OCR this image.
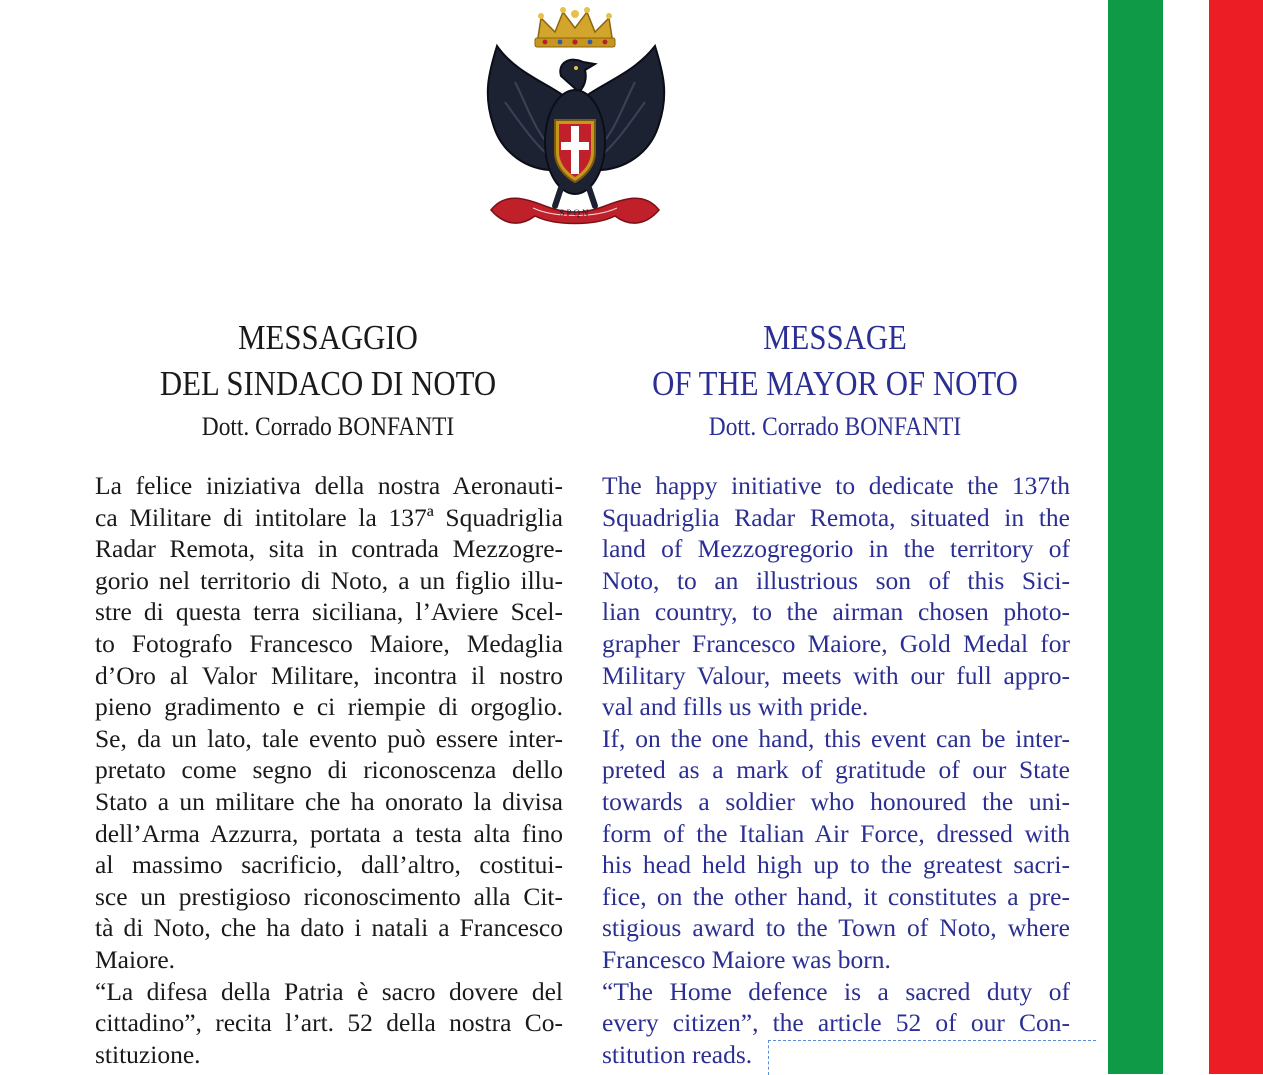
SPQN
MESSAGGIO
DEL SINDACO DI NOTO
Dott. Corrado BONFANTI
MESSAGE
OF THE MAYOR OF NOTO
Dott. Corrado BONFANTI
La felice iniziativa della nostra Aeronauti-
ca Militare di intitolare la 137ª Squadriglia
Radar Remota, sita in contrada Mezzogre-
gorio nel territorio di Noto, a un figlio illu-
stre di questa terra siciliana, l’Aviere Scel-
to Fotografo Francesco Maiore, Medaglia
d’Oro al Valor Militare, incontra il nostro
pieno gradimento e ci riempie di orgoglio.
Se, da un lato, tale evento può essere inter-
pretato come segno di riconoscenza dello
Stato a un militare che ha onorato la divisa
dell’Arma Azzurra, portata a testa alta fino
al massimo sacrificio, dall’altro, costitui-
sce un prestigioso riconoscimento alla Cit-
tà di Noto, che ha dato i natali a Francesco
Maiore.
“La difesa della Patria è sacro dovere del
cittadino”, recita l’art. 52 della nostra Co-
stituzione.
The happy initiative to dedicate the 137th
Squadriglia Radar Remota, situated in the
land of Mezzogregorio in the territory of
Noto, to an illustrious son of this Sici-
lian country, to the airman chosen photo-
grapher Francesco Maiore, Gold Medal for
Military Valour, meets with our full appro-
val and fills us with pride.
If, on the one hand, this event can be inter-
preted as a mark of gratitude of our State
towards a soldier who honoured the uni-
form of the Italian Air Force, dressed with
his head held high up to the greatest sacri-
fice, on the other hand, it constitutes a pre-
stigious award to the Town of Noto, where
Francesco Maiore was born.
“The Home defence is a sacred duty of
every citizen”, the article 52 of our Con-
stitution reads.
